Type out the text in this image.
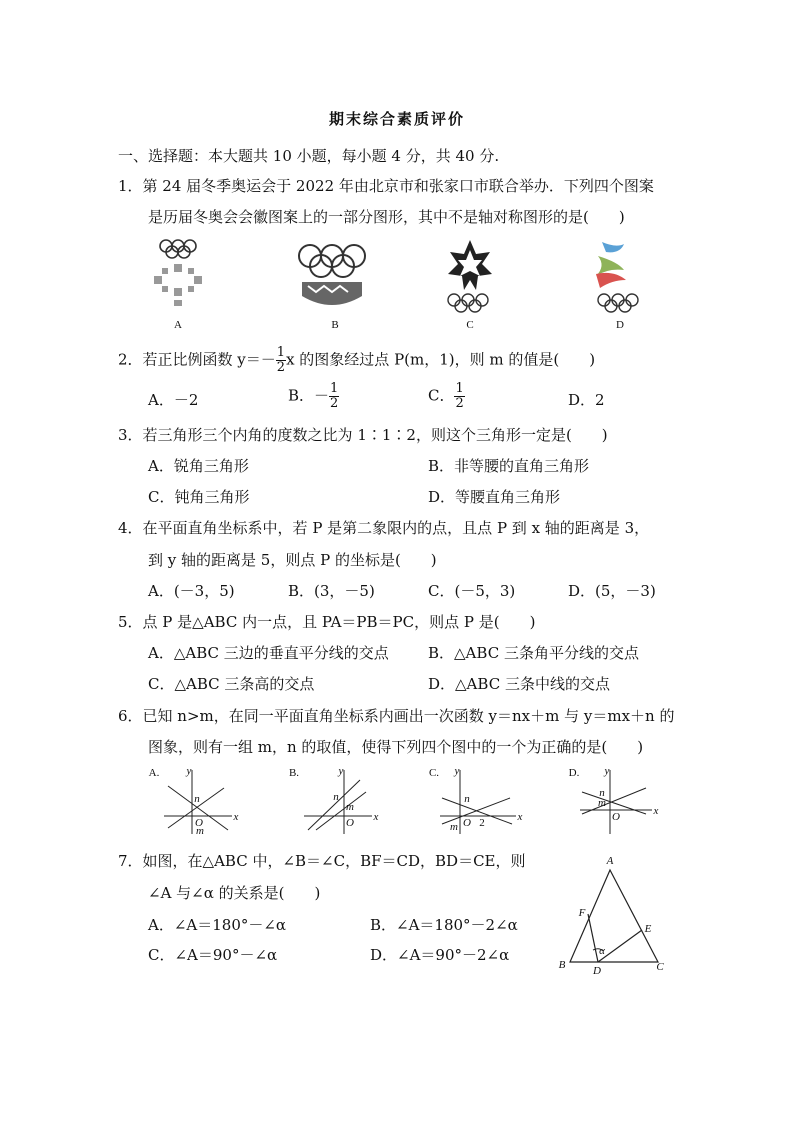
期末综合素质评价
一、选择题：本大题共 10 小题，每小题 4 分，共 40 分.
1．第 24 届冬季奥运会于 2022 年由北京市和张家口市联合举办．下列四个图案
是历届冬奥会会徽图案上的一部分图形，其中不是轴对称图形的是(　　)
A	B	C	D
2．若正比例函数 $y=- \frac{1}{2}$ x 的图象经过点 P(m，1)，则 m 的值是(　　)
A．－2	B．－ $\frac{1}{2}$	C． $\frac{1}{2}$	D．2
3．若三角形三个内角的度数之比为 1∶1∶2，则这个三角形一定是(　　)
A．锐角三角形	B．非等腰的直角三角形
C．钝角三角形	D．等腰直角三角形
4．在平面直角坐标系中，若 P 是第二象限内的点，且点 P 到 x 轴的距离是 3，
到 y 轴的距离是 5，则点 P 的坐标是(　　)
A．(－3，5)	B．(3，－5)	C．(－5，3)	D．(5，－3)
5．点 P 是△ABC 内一点，且 PA＝PB＝PC，则点 P 是(　　)
A．△ABC 三边的垂直平分线的交点	B．△ABC 三条角平分线的交点
C．△ABC 三条高的交点	D．△ABC 三条中线的交点
6．已知 n>m，在同一平面直角坐标系内画出一次函数 y＝nx＋m 与 y＝mx＋n 的
图象，则有一组 m，n 的取值，使得下列四个图中的一个为正确的是(　　)
A.
x
y
O
n
m
B.
x
y
O
n
m
C.
x
y
O 2
n
m
D.
x
y
O
n
m
7．如图，在△ABC 中，∠B＝∠C，BF＝CD，BD＝CE，则
∠A 与∠α 的关系是(　　)
A．∠A＝180°－∠α	B．∠A＝180°－2∠α
C．∠A＝90°－∠α	D．∠A＝90°－2∠α
A
B	C
D
E
F
α
